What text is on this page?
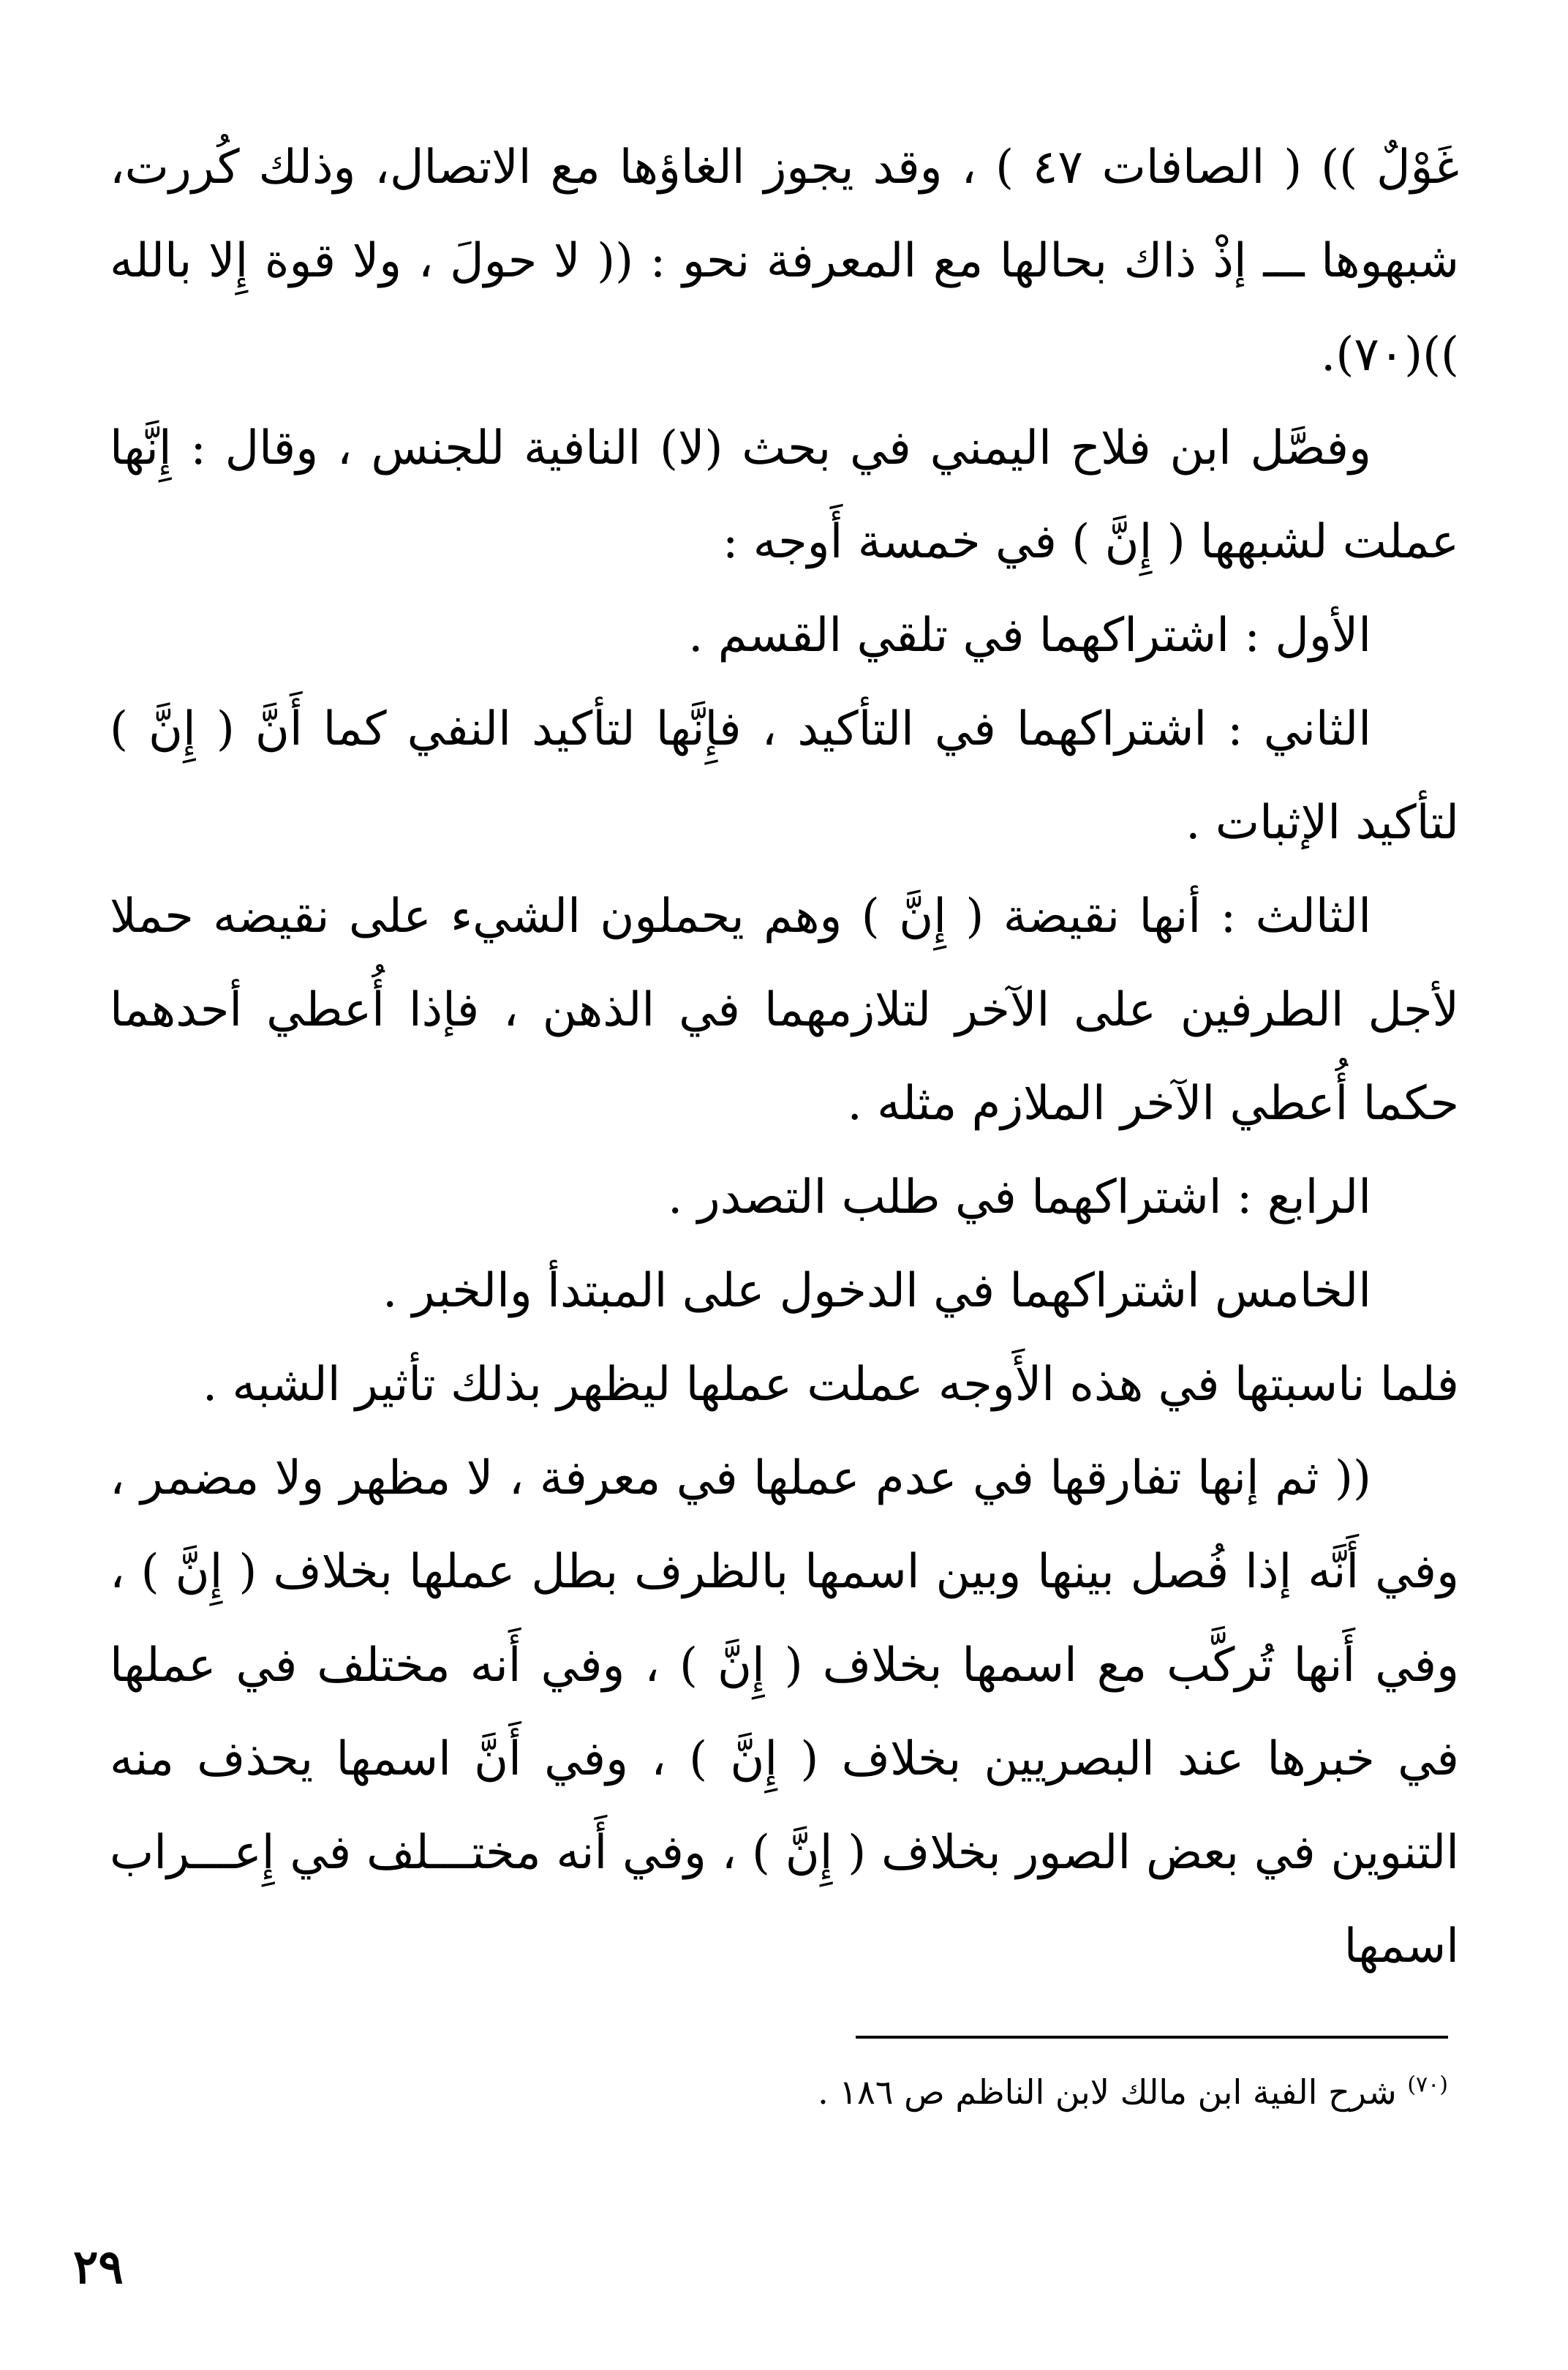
غَوْلٌ )) ( الصافات ٤٧ ) ، وقد يجوز الغاؤها مع الاتصال، وذلك كُررت، شبهوها ـــ إذْ ذاك بحالها مع المعرفة نحو : (( لا حولَ ، ولا قوة إِلا بالله ))(٧٠).

وفصَّل ابن فلاح اليمني في بحث (لا) النافية للجنس ، وقال : إِنَّها عملت لشبهها ( إِنَّ ) في خمسة أَوجه :

الأول : اشتراكهما في تلقي القسم .

الثاني : اشتراكهما في التأكيد ، فإِنَّها لتأكيد النفي كما أَنَّ ( إِنَّ ) لتأكيد الإثبات .

الثالث : أنها نقيضة ( إِنَّ ) وهم يحملون الشيء على نقيضه حملا لأجل الطرفين على الآخر لتلازمهما في الذهن ، فإذا أُعطي أحدهما حكما أُعطي الآخر الملازم مثله .

الرابع : اشتراكهما في طلب التصدر .

الخامس اشتراكهما في الدخول على المبتدأ والخبر .

فلما ناسبتها في هذه الأَوجه عملت عملها ليظهر بذلك تأثير الشبه .

(( ثم إنها تفارقها في عدم عملها في معرفة ، لا مظهر ولا مضمر ، وفي أَنَّه إذا فُصل بينها وبين اسمها بالظرف بطل عملها بخلاف ( إِنَّ ) ، وفي أَنها تُركَّب مع اسمها بخلاف ( إِنَّ ) ، وفي أَنه مختلف في عملها في خبرها عند البصريين بخلاف ( إِنَّ ) ، وفي أَنَّ اسمها يحذف منه التنوين في بعض الصور بخلاف ( إِنَّ ) ، وفي أَنه مختـــلف في إِعـــراب اسمها

$^{(٧٠)}$ شرح الفية ابن مالك لابن الناظم ص ١٨٦ .
٢٩
